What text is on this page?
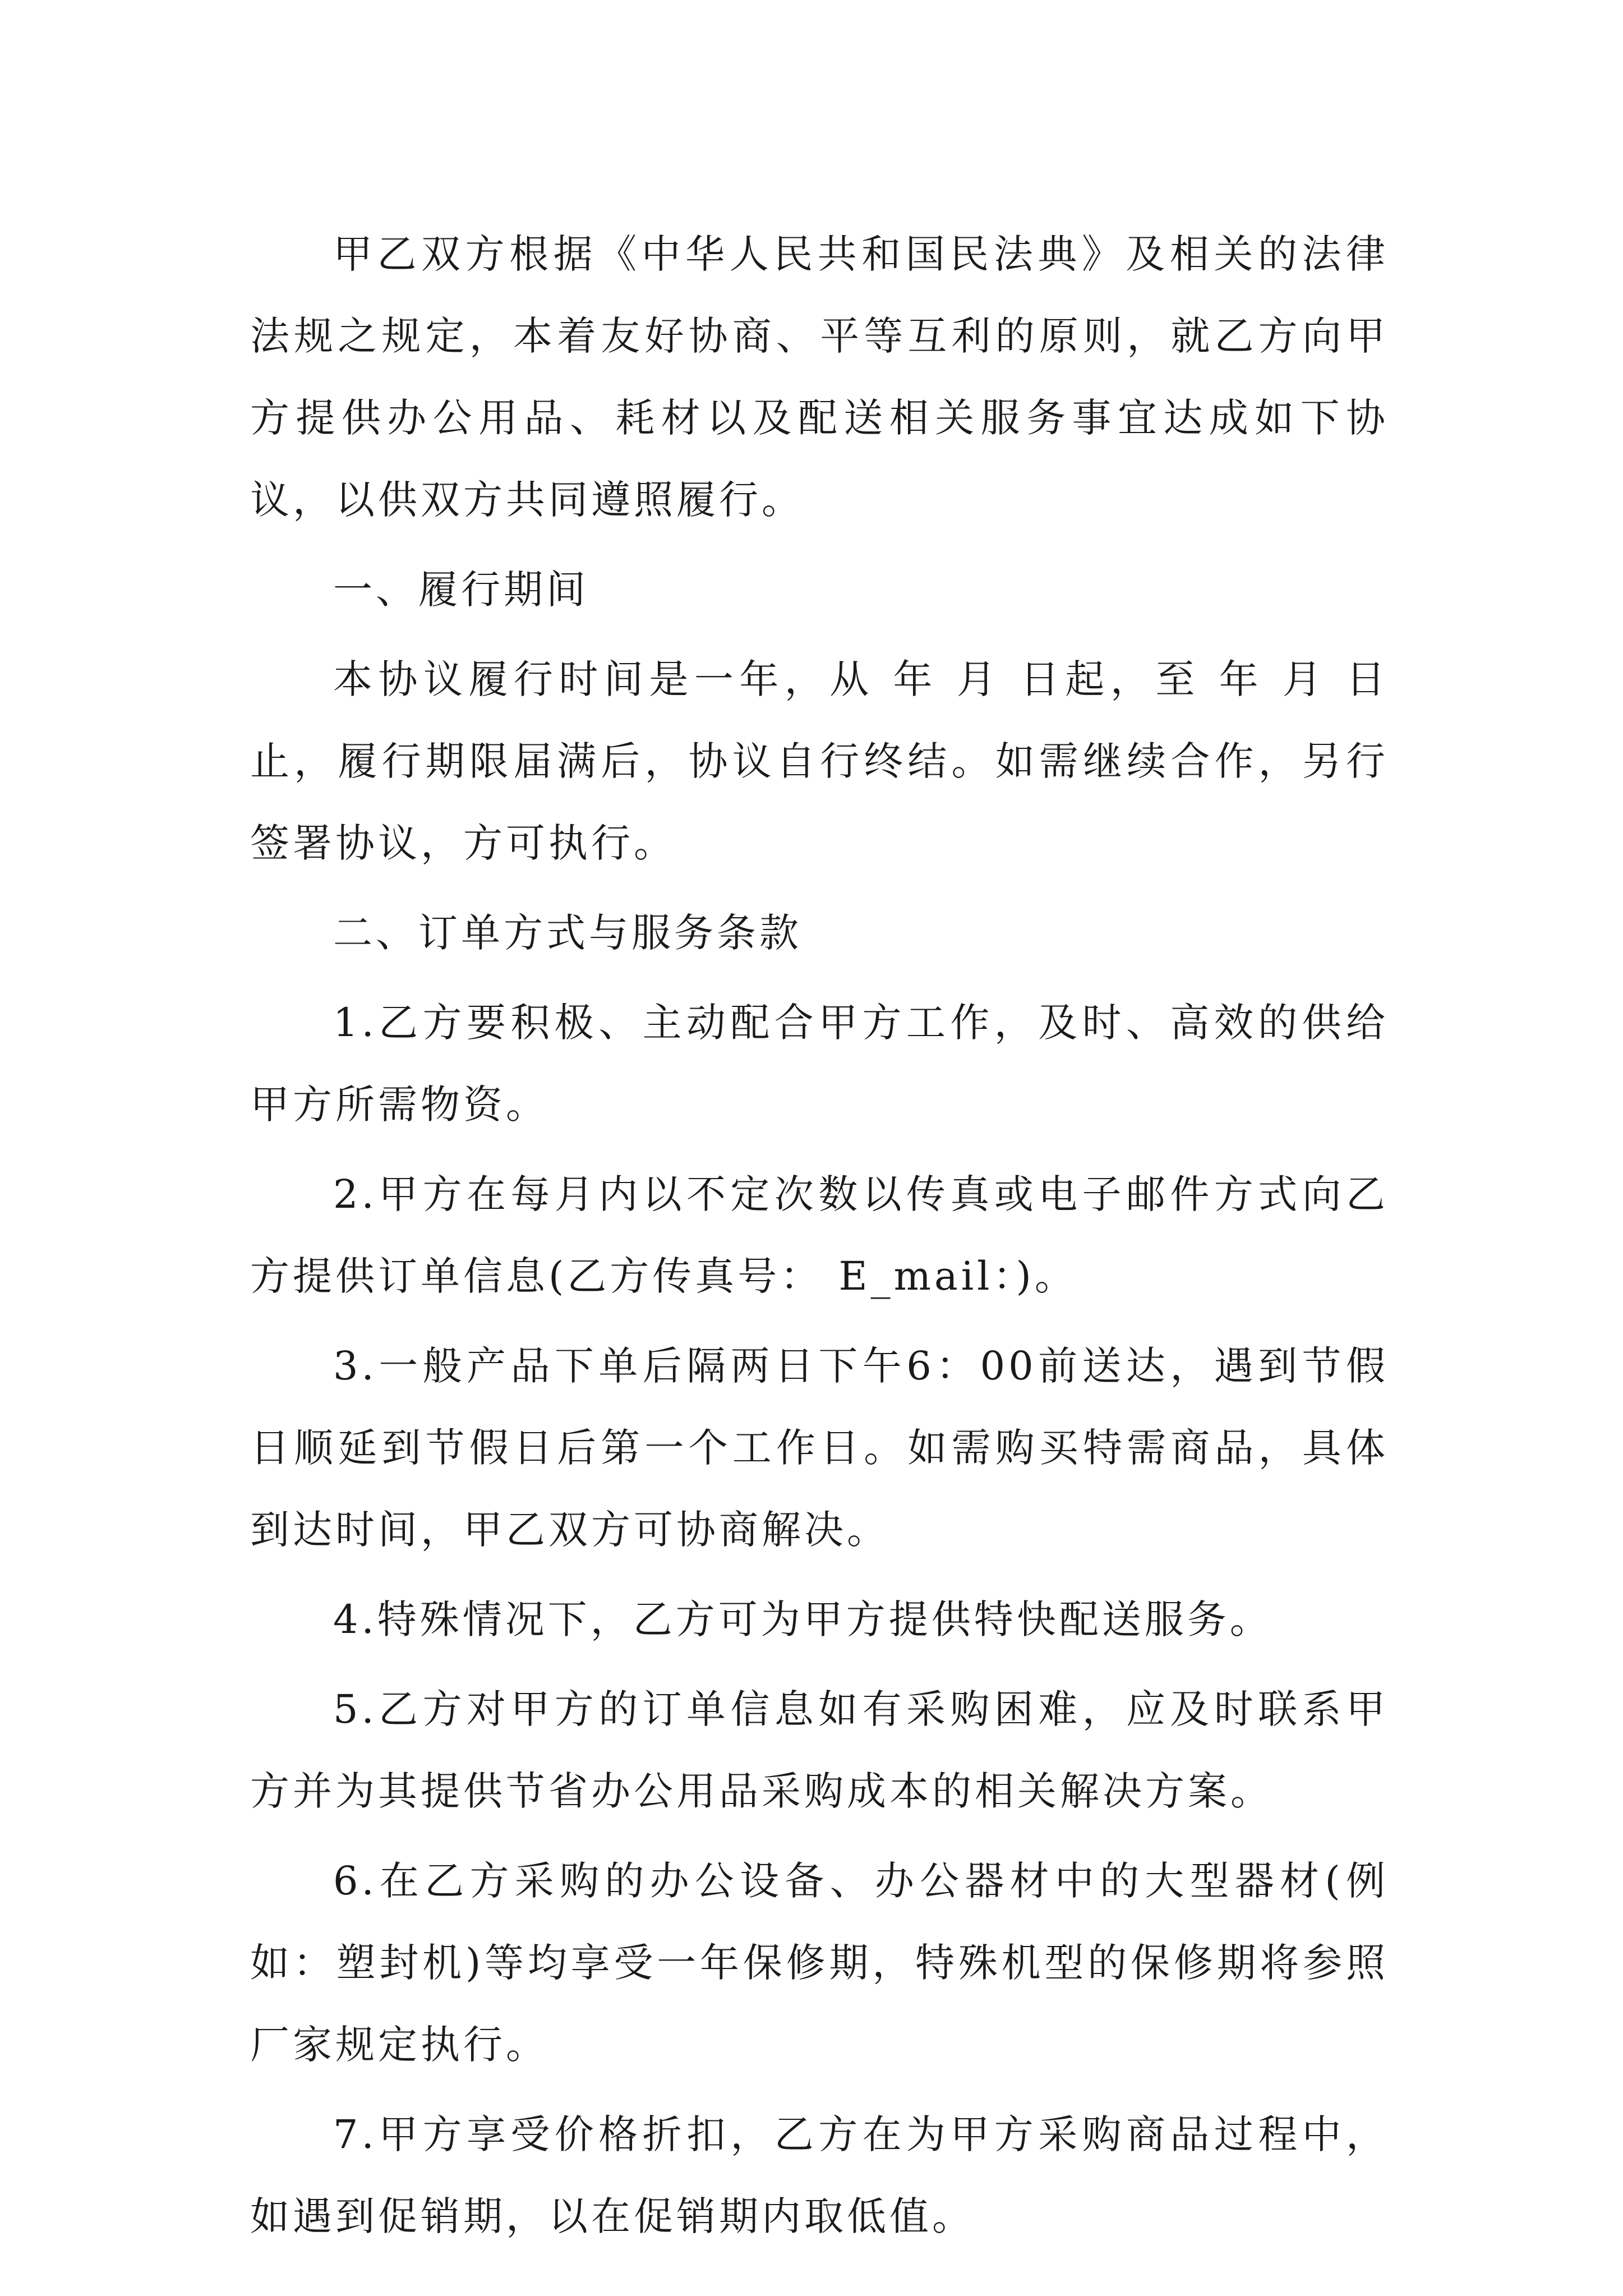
甲乙双方根据《中华人民共和国民法典》及相关的法律法规之规定，本着友好协商、平等互利的原则，就乙方向甲方提供办公用品、耗材以及配送相关服务事宜达成如下协议，以供双方共同遵照履行。

一、履行期间

本协议履行时间是一年，从 年 月 日起，至 年 月 日止，履行期限届满后，协议自行终结。如需继续合作，另行签署协议，方可执行。

二、订单方式与服务条款

1.乙方要积极、主动配合甲方工作，及时、高效的供给甲方所需物资。

2.甲方在每月内以不定次数以传真或电子邮件方式向乙方提供订单信息(乙方传真号： E_mail：)。

3.一般产品下单后隔两日下午6：00前送达，遇到节假日顺延到节假日后第一个工作日。如需购买特需商品，具体到达时间，甲乙双方可协商解决。

4.特殊情况下，乙方可为甲方提供特快配送服务。

5.乙方对甲方的订单信息如有采购困难，应及时联系甲方并为其提供节省办公用品采购成本的相关解决方案。

6.在乙方采购的办公设备、办公器材中的大型器材(例如：塑封机)等均享受一年保修期，特殊机型的保修期将参照厂家规定执行。

7.甲方享受价格折扣，乙方在为甲方采购商品过程中，如遇到促销期，以在促销期内取低值。
